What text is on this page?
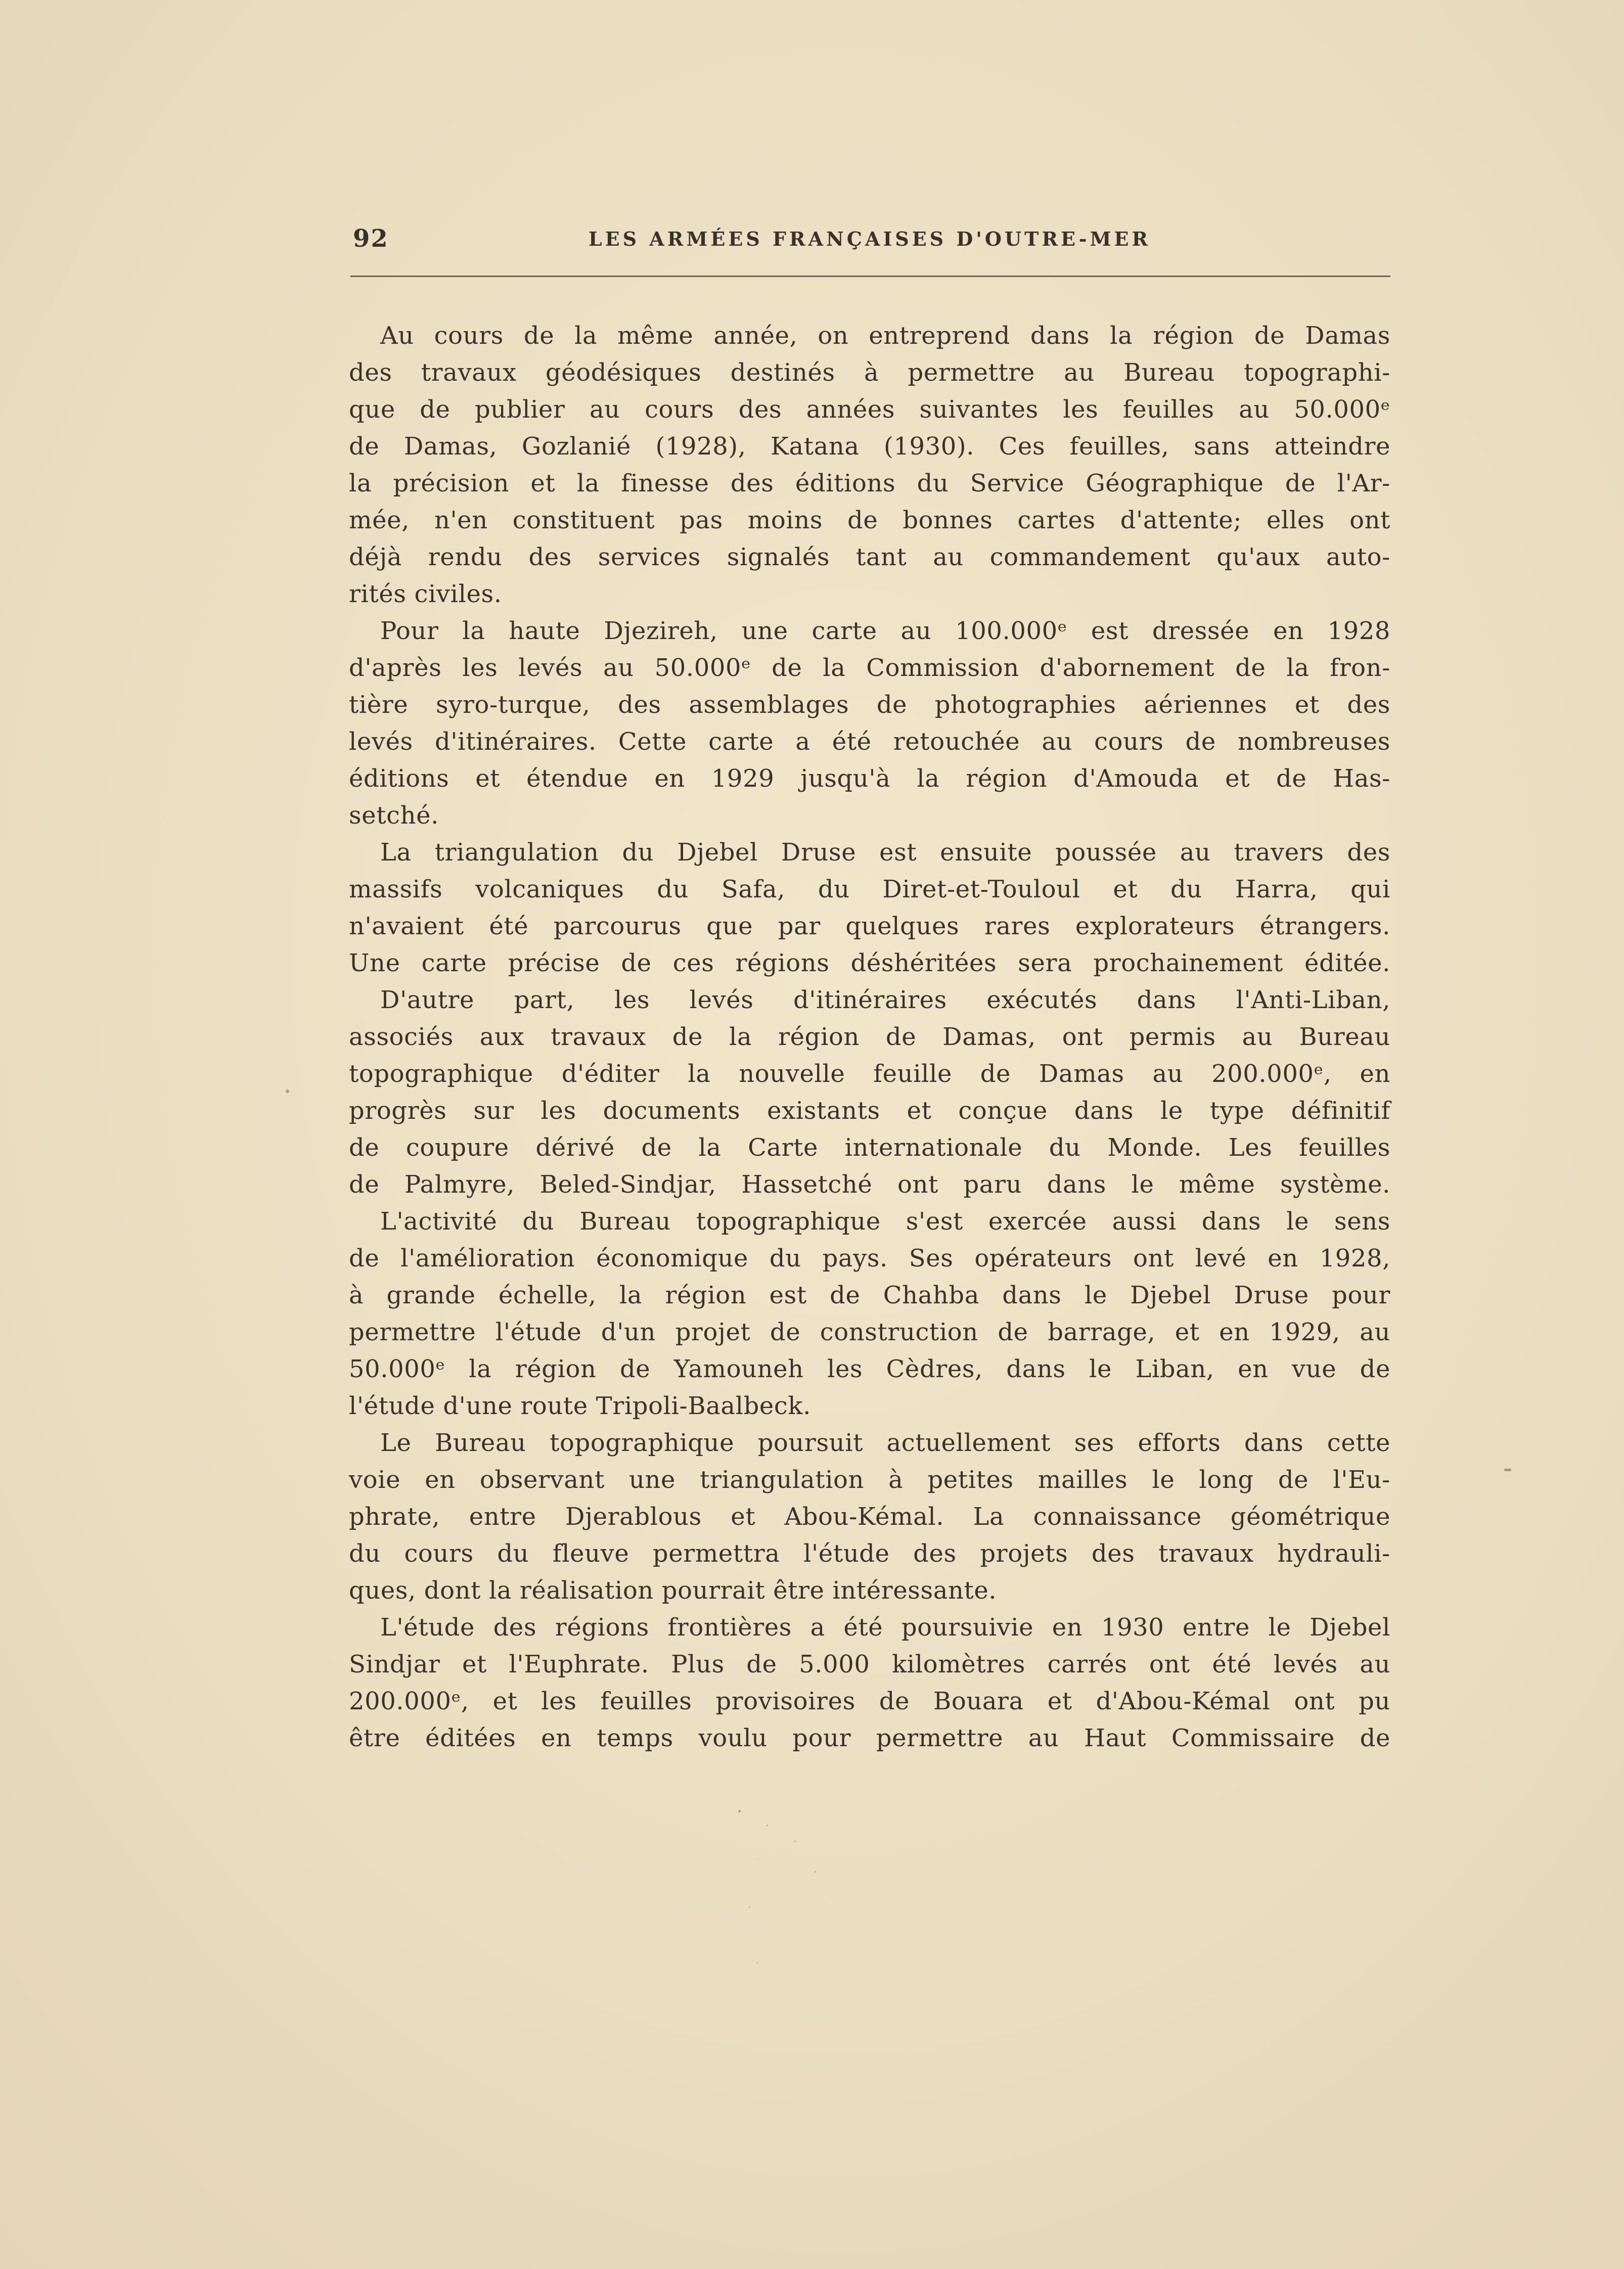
92	LES ARMÉES FRANÇAISES D'OUTRE-MER
Au cours de la même année, on entreprend dans la région de Damas
des travaux géodésiques destinés à permettre au Bureau topographi-
que de publier au cours des années suivantes les feuilles au 50.000ᵉ
de Damas, Gozlanié (1928), Katana (1930). Ces feuilles, sans atteindre
la précision et la finesse des éditions du Service Géographique de l'Ar-
mée, n'en constituent pas moins de bonnes cartes d'attente; elles ont
déjà rendu des services signalés tant au commandement qu'aux auto-
rités civiles.
Pour la haute Djezireh, une carte au 100.000ᵉ est dressée en 1928
d'après les levés au 50.000ᵉ de la Commission d'abornement de la fron-
tière syro-turque, des assemblages de photographies aériennes et des
levés d'itinéraires. Cette carte a été retouchée au cours de nombreuses
éditions et étendue en 1929 jusqu'à la région d'Amouda et de Has-
setché.
La triangulation du Djebel Druse est ensuite poussée au travers des
massifs volcaniques du Safa, du Diret-et-Touloul et du Harra, qui
n'avaient été parcourus que par quelques rares explorateurs étrangers.
Une carte précise de ces régions déshéritées sera prochainement éditée.
D'autre part, les levés d'itinéraires exécutés dans l'Anti-Liban,
associés aux travaux de la région de Damas, ont permis au Bureau
topographique d'éditer la nouvelle feuille de Damas au 200.000ᵉ, en
progrès sur les documents existants et conçue dans le type définitif
de coupure dérivé de la Carte internationale du Monde. Les feuilles
de Palmyre, Beled-Sindjar, Hassetché ont paru dans le même système.
L'activité du Bureau topographique s'est exercée aussi dans le sens
de l'amélioration économique du pays. Ses opérateurs ont levé en 1928,
à grande échelle, la région est de Chahba dans le Djebel Druse pour
permettre l'étude d'un projet de construction de barrage, et en 1929, au
50.000ᵉ la région de Yamouneh les Cèdres, dans le Liban, en vue de
l'étude d'une route Tripoli-Baalbeck.
Le Bureau topographique poursuit actuellement ses efforts dans cette
voie en observant une triangulation à petites mailles le long de l'Eu-
phrate, entre Djerablous et Abou-Kémal. La connaissance géométrique
du cours du fleuve permettra l'étude des projets des travaux hydrauli-
ques, dont la réalisation pourrait être intéressante.
L'étude des régions frontières a été poursuivie en 1930 entre le Djebel
Sindjar et l'Euphrate. Plus de 5.000 kilomètres carrés ont été levés au
200.000ᵉ, et les feuilles provisoires de Bouara et d'Abou-Kémal ont pu
être éditées en temps voulu pour permettre au Haut Commissaire de
